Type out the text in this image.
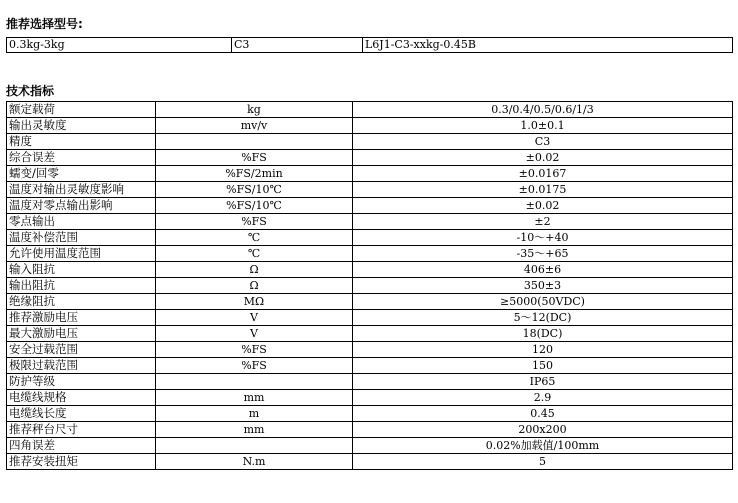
推荐选择型号:
0.3kg-3kg	C3	L6J1-C3-xxkg-0.45B
技术指标
额定载荷	kg	0.3/0.4/0.5/0.6/1/3
输出灵敏度	mv/v	1.0±0.1
精度		C3
综合误差	%FS	±0.02
蠕变/回零	%FS/2min	±0.0167
温度对输出灵敏度影响	%FS/10℃	±0.0175
温度对零点输出影响	%FS/10℃	±0.02
零点输出	%FS	±2
温度补偿范围	℃	-10～+40
允许使用温度范围	℃	-35～+65
输入阻抗	Ω	406±6
输出阻抗	Ω	350±3
绝缘阻抗	MΩ	≥5000(50VDC)
推荐激励电压	V	5～12(DC)
最大激励电压	V	18(DC)
安全过载范围	%FS	120
极限过载范围	%FS	150
防护等级		IP65
电缆线规格	mm	2.9
电缆线长度	m	0.45
推荐秤台尺寸	mm	200x200
四角误差		0.02%加载值/100mm
推荐安装扭矩	N.m	5
